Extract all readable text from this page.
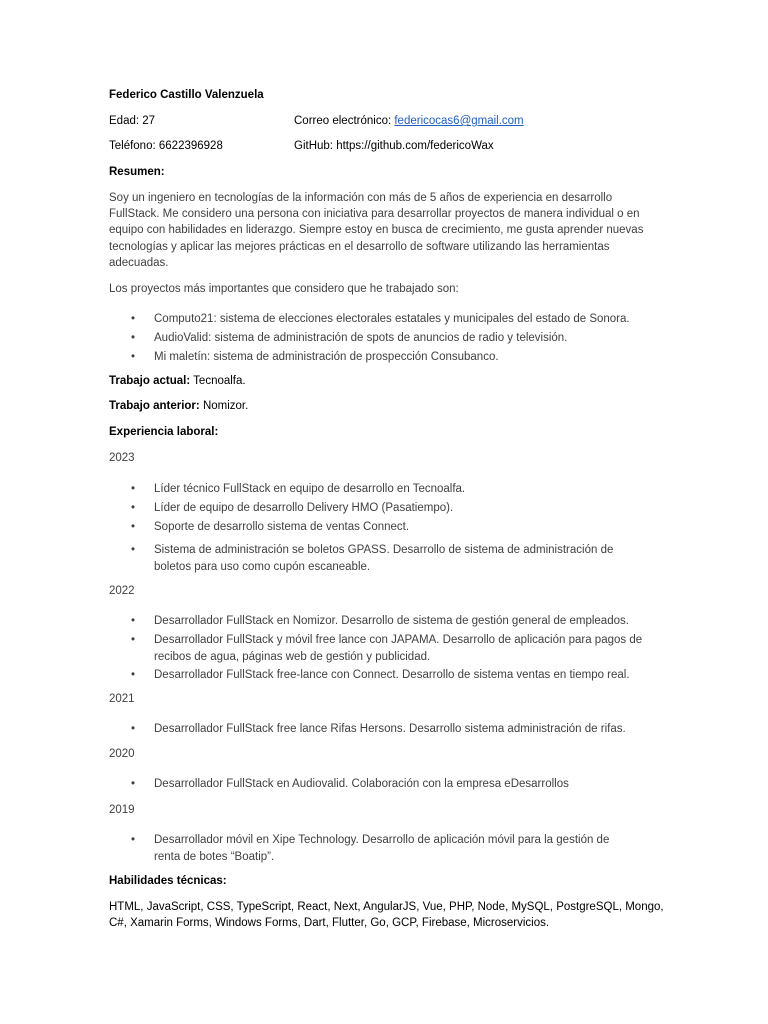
Federico Castillo Valenzuela
Edad: 27	Correo electrónico: federicocas6@gmail.com
Teléfono: 6622396928	GitHub: https://github.com/federicoWax
Resumen:
Soy un ingeniero en tecnologías de la información con más de 5 años de experiencia en desarrollo FullStack. Me considero una persona con iniciativa para desarrollar proyectos de manera individual o en equipo con habilidades en liderazgo. Siempre estoy en busca de crecimiento, me gusta aprender nuevas tecnologías y aplicar las mejores prácticas en el desarrollo de software utilizando las herramientas adecuadas.
Los proyectos más importantes que considero que he trabajado son:
• Computo21: sistema de elecciones electorales estatales y municipales del estado de Sonora.
• AudioValid: sistema de administración de spots de anuncios de radio y televisión.
• Mi maletín: sistema de administración de prospección Consubanco.
Trabajo actual: Tecnoalfa.
Trabajo anterior: Nomizor.
Experiencia laboral:
2023
• Líder técnico FullStack en equipo de desarrollo en Tecnoalfa.
• Líder de equipo de desarrollo Delivery HMO (Pasatiempo).
• Soporte de desarrollo sistema de ventas Connect.
• Sistema de administración se boletos GPASS. Desarrollo de sistema de administración de boletos para uso como cupón escaneable.
2022
• Desarrollador FullStack en Nomizor. Desarrollo de sistema de gestión general de empleados.
• Desarrollador FullStack y móvil free lance con JAPAMA. Desarrollo de aplicación para pagos de recibos de agua, páginas web de gestión y publicidad.
• Desarrollador FullStack free-lance con Connect. Desarrollo de sistema ventas en tiempo real.
2021
• Desarrollador FullStack free lance Rifas Hersons. Desarrollo sistema administración de rifas.
2020
• Desarrollador FullStack en Audiovalid. Colaboración con la empresa eDesarrollos
2019
• Desarrollador móvil en Xipe Technology. Desarrollo de aplicación móvil para la gestión de renta de botes “Boatip”.
Habilidades técnicas:
HTML, JavaScript, CSS, TypeScript, React, Next, AngularJS, Vue, PHP, Node, MySQL, PostgreSQL, Mongo, C#, Xamarin Forms, Windows Forms, Dart, Flutter, Go, GCP, Firebase, Microservicios.
